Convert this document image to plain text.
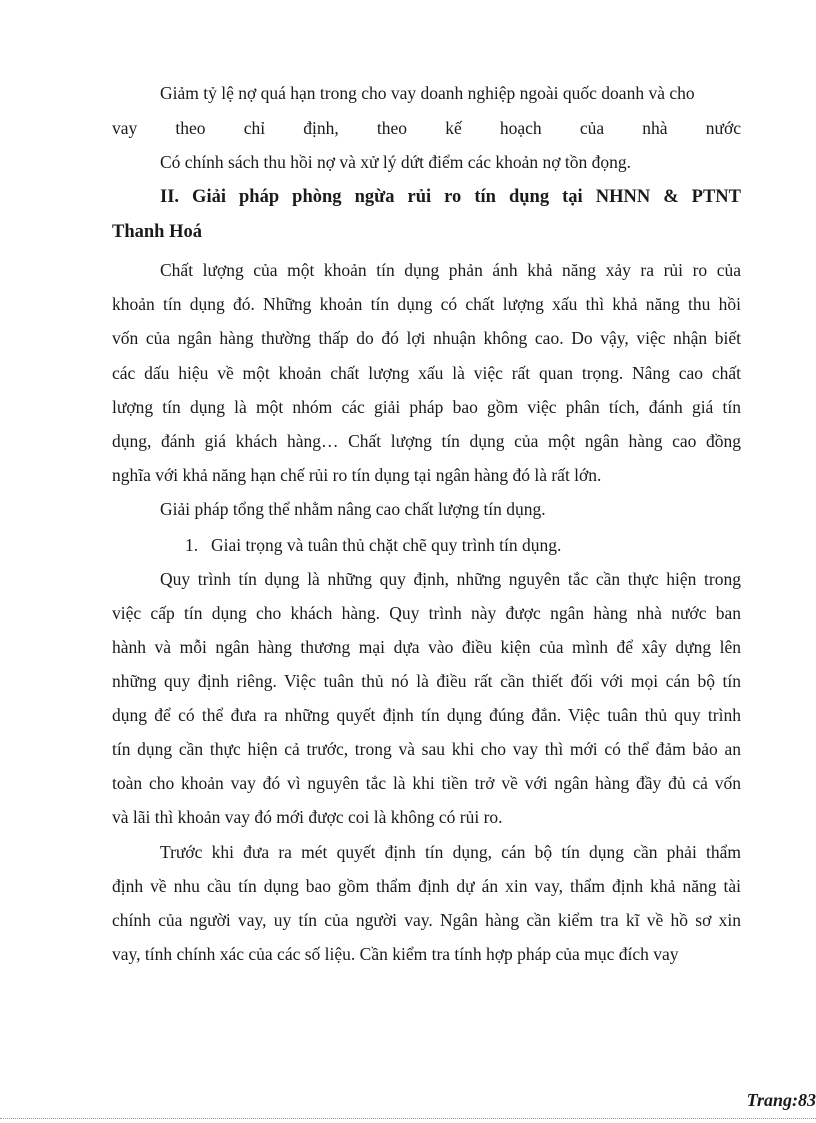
Giảm tỷ lệ nợ quá hạn trong cho vay doanh nghiệp ngoài quốc doanh và cho
vay theo chỉ định, theo kế hoạch của nhà nước
Có chính sách thu hồi nợ và xử lý dứt điểm các khoản nợ tồn đọng.
II. Giải pháp phòng ngừa rủi ro tín dụng tại NHNN & PTNT
Thanh Hoá
Chất lượng của một khoản tín dụng phản ánh khả năng xảy ra rủi ro của
khoản tín dụng đó. Những khoản tín dụng có chất lượng xấu thì khả năng thu hồi
vốn của ngân hàng thường thấp do đó lợi nhuận không cao. Do vậy, việc nhận biết
các dấu hiệu về một khoản chất lượng xấu là việc rất quan trọng. Nâng cao chất
lượng tín dụng là một nhóm các giải pháp bao gồm việc phân tích, đánh giá tín
dụng, đánh giá khách hàng… Chất lượng tín dụng của một ngân hàng cao đồng
nghĩa với khả năng hạn chế rủi ro tín dụng tại ngân hàng đó là rất lớn.
Giải pháp tổng thể nhằm nâng cao chất lượng tín dụng.
1. Giai trọng và tuân thủ chặt chẽ quy trình tín dụng.
Quy trình tín dụng là những quy định, những nguyên tắc cần thực hiện trong
việc cấp tín dụng cho khách hàng. Quy trình này được ngân hàng nhà nước ban
hành và mỗi ngân hàng thương mại dựa vào điều kiện của mình để xây dựng lên
những quy định riêng. Việc tuân thủ nó là điều rất cần thiết đối với mọi cán bộ tín
dụng để có thể đưa ra những quyết định tín dụng đúng đắn. Việc tuân thủ quy trình
tín dụng cần thực hiện cả trước, trong và sau khi cho vay thì mới có thể đảm bảo an
toàn cho khoản vay đó vì nguyên tắc là khi tiền trở về với ngân hàng đầy đủ cả vốn
và lãi thì khoản vay đó mới được coi là không có rủi ro.
Trước khi đưa ra mét quyết định tín dụng, cán bộ tín dụng cần phải thẩm
định về nhu cầu tín dụng bao gồm thẩm định dự án xin vay, thẩm định khả năng tài
chính của người vay, uy tín của người vay. Ngân hàng cần kiểm tra kĩ về hồ sơ xin
vay, tính chính xác của các số liệu. Cần kiểm tra tính hợp pháp của mục đích vay
Trang:83
